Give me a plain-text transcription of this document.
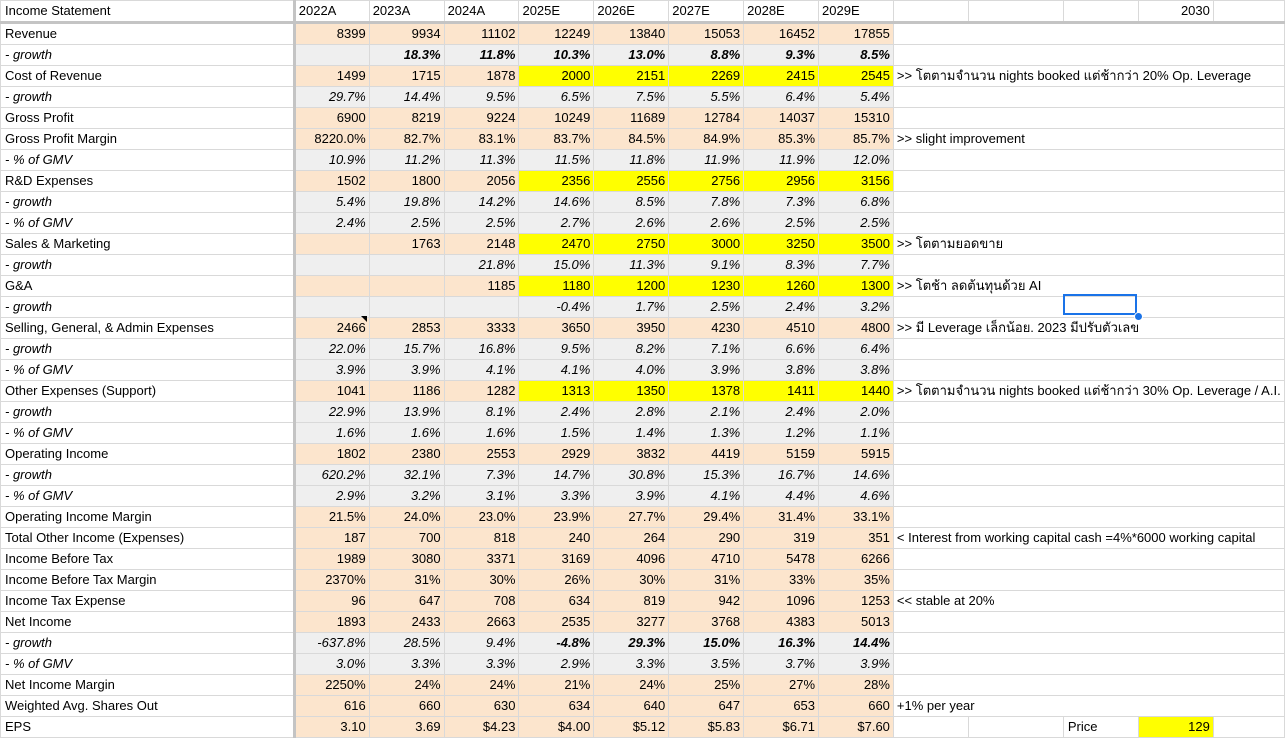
Income Statement	2022A	2023A	2024A	2025E	2026E	2027E	2028E	2029E				2030	
Revenue	8399	9934	11102	12249	13840	15053	16452	17855					
- growth		18.3%	11.8%	10.3%	13.0%	8.8%	9.3%	8.5%					
Cost of Revenue	1499	1715	1878	2000	2151	2269	2415	2545	>> โตตามจำนวน nights booked แต่ช้ากว่า 20% Op. Leverage				
- growth	29.7%	14.4%	9.5%	6.5%	7.5%	5.5%	6.4%	5.4%					
Gross Profit	6900	8219	9224	10249	11689	12784	14037	15310					
Gross Profit Margin	8220.0%	82.7%	83.1%	83.7%	84.5%	84.9%	85.3%	85.7%	>> slight improvement				
- % of GMV	10.9%	11.2%	11.3%	11.5%	11.8%	11.9%	11.9%	12.0%					
R&D Expenses	1502	1800	2056	2356	2556	2756	2956	3156					
- growth	5.4%	19.8%	14.2%	14.6%	8.5%	7.8%	7.3%	6.8%					
- % of GMV	2.4%	2.5%	2.5%	2.7%	2.6%	2.6%	2.5%	2.5%					
Sales & Marketing		1763	2148	2470	2750	3000	3250	3500	>> โตตามยอดขาย				
- growth			21.8%	15.0%	11.3%	9.1%	8.3%	7.7%					
G&A			1185	1180	1200	1230	1260	1300	>> โตช้า ลดต้นทุนด้วย AI				
- growth				-0.4%	1.7%	2.5%	2.4%	3.2%					
Selling, General, & Admin Expenses	2466	2853	3333	3650	3950	4230	4510	4800	>> มี Leverage เล็กน้อย. 2023 มีปรับตัวเลข				
- growth	22.0%	15.7%	16.8%	9.5%	8.2%	7.1%	6.6%	6.4%					
- % of GMV	3.9%	3.9%	4.1%	4.1%	4.0%	3.9%	3.8%	3.8%					
Other Expenses (Support)	1041	1186	1282	1313	1350	1378	1411	1440	>> โตตามจำนวน nights booked แต่ช้ากว่า 30% Op. Leverage / A.I.				
- growth	22.9%	13.9%	8.1%	2.4%	2.8%	2.1%	2.4%	2.0%					
- % of GMV	1.6%	1.6%	1.6%	1.5%	1.4%	1.3%	1.2%	1.1%					
Operating Income	1802	2380	2553	2929	3832	4419	5159	5915					
- growth	620.2%	32.1%	7.3%	14.7%	30.8%	15.3%	16.7%	14.6%					
- % of GMV	2.9%	3.2%	3.1%	3.3%	3.9%	4.1%	4.4%	4.6%					
Operating Income Margin	21.5%	24.0%	23.0%	23.9%	27.7%	29.4%	31.4%	33.1%					
Total Other Income (Expenses)	187	700	818	240	264	290	319	351	< Interest from working capital cash =4%*6000 working capital				
Income Before Tax	1989	3080	3371	3169	4096	4710	5478	6266					
Income Before Tax Margin	2370%	31%	30%	26%	30%	31%	33%	35%					
Income Tax Expense	96	647	708	634	819	942	1096	1253	<< stable at 20%				
Net Income	1893	2433	2663	2535	3277	3768	4383	5013					
- growth	-637.8%	28.5%	9.4%	-4.8%	29.3%	15.0%	16.3%	14.4%					
- % of GMV	3.0%	3.3%	3.3%	2.9%	3.3%	3.5%	3.7%	3.9%					
Net Income Margin	2250%	24%	24%	21%	24%	25%	27%	28%					
Weighted Avg. Shares Out	616	660	630	634	640	647	653	660	+1% per year				
EPS	3.10	3.69	$4.23	$4.00	$5.12	$5.83	$6.71	$7.60			Price	129	
